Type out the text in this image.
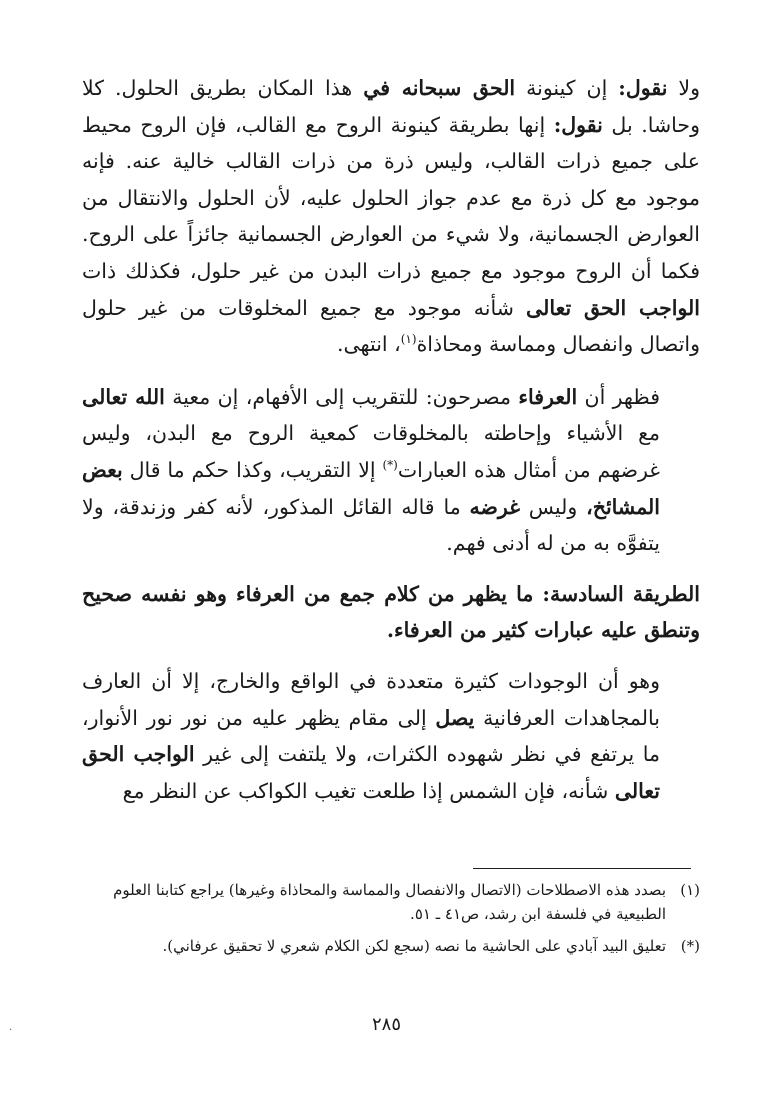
ولا نقول: إن كينونة الحق سبحانه في هذا المكان بطريق الحلول. كلا وحاشا. بل نقول: إنها بطريقة كينونة الروح مع القالب، فإن الروح محيط على جميع ذرات القالب، وليس ذرة من ذرات القالب خالية عنه. فإنه موجود مع كل ذرة مع عدم جواز الحلول عليه، لأن الحلول والانتقال من العوارض الجسمانية، ولا شيء من العوارض الجسمانية جائزاً على الروح. فكما أن الروح موجود مع جميع ذرات البدن من غير حلول، فكذلك ذات الواجب الحق تعالى شأنه موجود مع جميع المخلوقات من غير حلول واتصال وانفصال ومماسة ومحاذاة$^{(١)}$، انتهى.

فظهر أن العرفاء مصرحون: للتقريب إلى الأفهام، إن معية الله تعالى مع الأشياء وإحاطته بالمخلوقات كمعية الروح مع البدن، وليس غرضهم من أمثال هذه العبارات(*) إلا التقريب، وكذا حكم ما قال بعض المشائخ، وليس غرضه ما قاله القائل المذكور، لأنه كفر وزندقة، ولا يتفوَّه به من له أدنى فهم.

الطريقة السادسة: ما يظهر من كلام جمع من العرفاء وهو نفسه صحيح وتنطق عليه عبارات كثير من العرفاء.

وهو أن الوجودات كثيرة متعددة في الواقع والخارج، إلا أن العارف بالمجاهدات العرفانية يصل إلى مقام يظهر عليه من نور نور الأنوار، ما يرتفع في نظر شهوده الكثرات، ولا يلتفت إلى غير الواجب الحق تعالى شأنه، فإن الشمس إذا طلعت تغيب الكواكب عن النظر مع

(١)
بصدد هذه الاصطلاحات (الاتصال والانفصال والمماسة والمحاذاة وغيرها) يراجع كتابنا العلوم الطبيعية في فلسفة ابن رشد، ص٤١ ـ ٥١.
(*)
تعليق البيد آبادي على الحاشية ما نصه (سجع لكن الكلام شعري لا تحقيق عرفاني).
٢٨٥
.
